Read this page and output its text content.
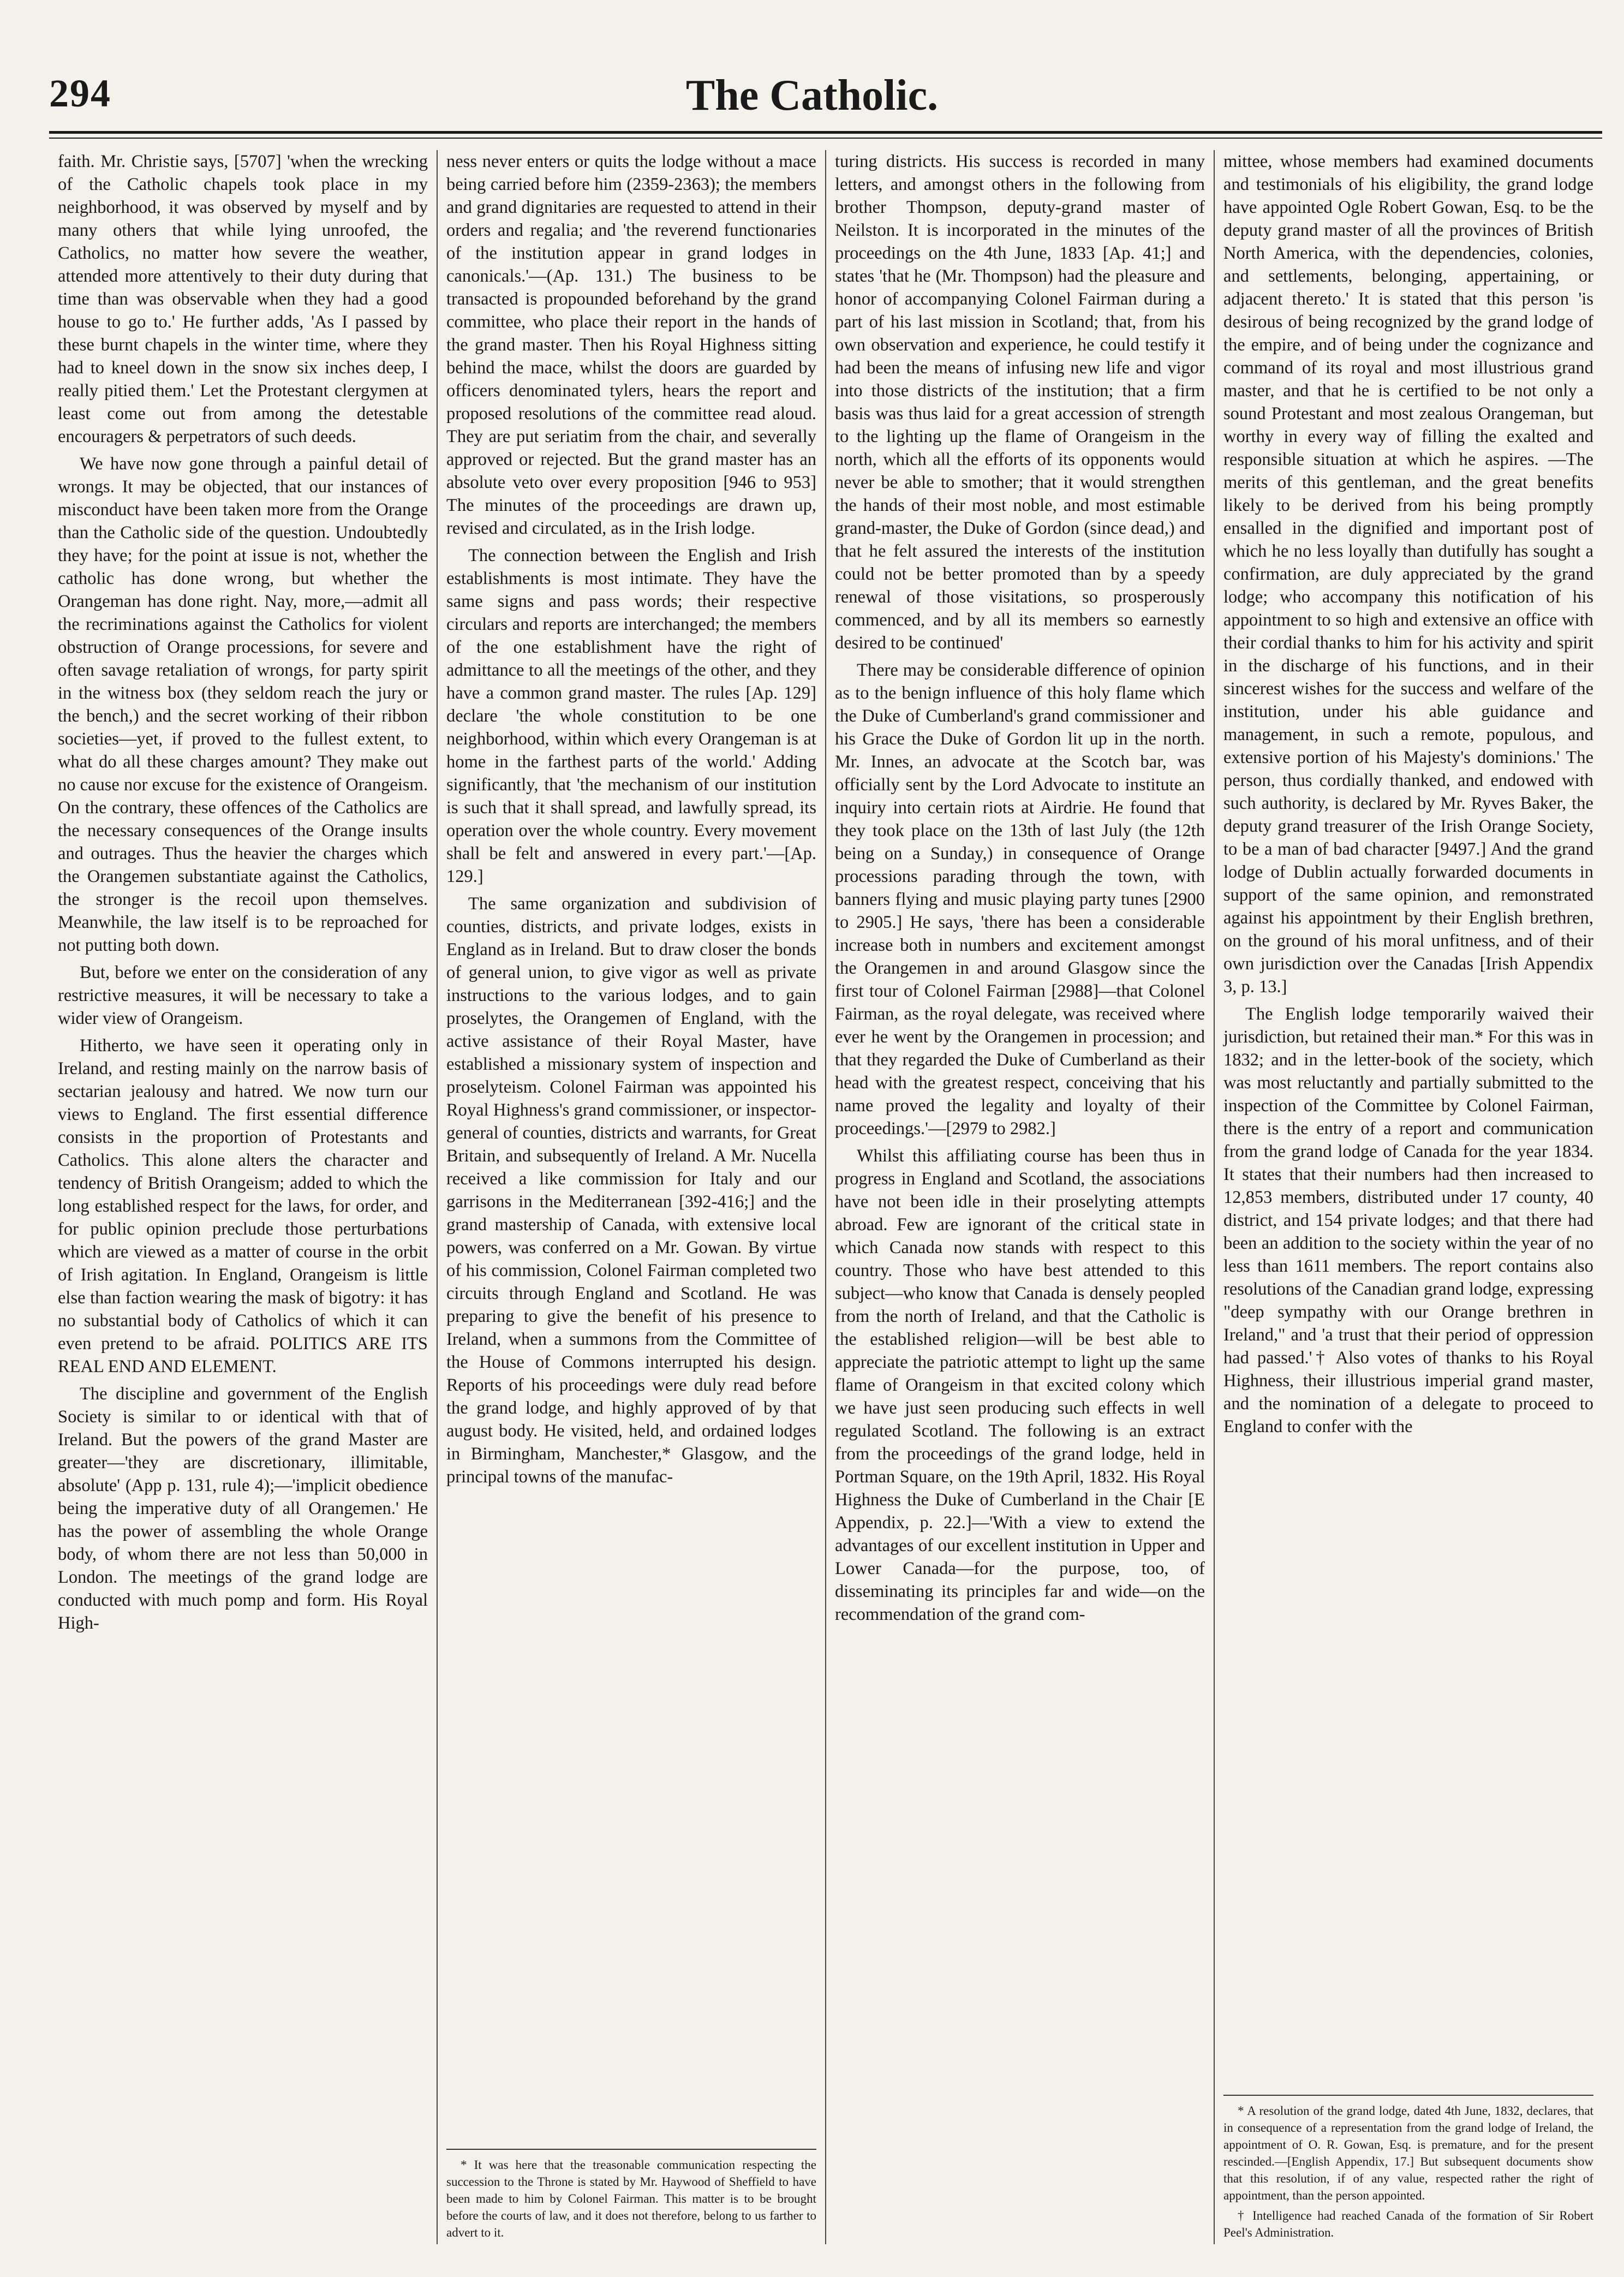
294	The Catholic.

faith. Mr. Christie says, [5707] 'when the wrecking of the Catholic chapels took place in my neighborhood, it was observed by myself and by many others that while lying unroofed, the Catholics, no matter how severe the weather, attended more attentively to their duty during that time than was observable when they had a good house to go to.' He further adds, 'As I passed by these burnt chapels in the winter time, where they had to kneel down in the snow six inches deep, I really pitied them.' Let the Protestant clergymen at least come out from among the detestable encouragers & perpetrators of such deeds.

We have now gone through a painful detail of wrongs. It may be objected, that our instances of misconduct have been taken more from the Orange than the Catholic side of the question. Undoubtedly they have; for the point at issue is not, whether the catholic has done wrong, but whether the Orangeman has done right. Nay, more,—admit all the recriminations against the Catholics for violent obstruction of Orange processions, for severe and often savage retaliation of wrongs, for party spirit in the witness box (they seldom reach the jury or the bench,) and the secret working of their ribbon societies—yet, if proved to the fullest extent, to what do all these charges amount? They make out no cause nor excuse for the existence of Orangeism. On the contrary, these offences of the Catholics are the necessary consequences of the Orange insults and outrages. Thus the heavier the charges which the Orangemen substantiate against the Catholics, the stronger is the recoil upon themselves. Meanwhile, the law itself is to be reproached for not putting both down.

But, before we enter on the consideration of any restrictive measures, it will be necessary to take a wider view of Orangeism.

Hitherto, we have seen it operating only in Ireland, and resting mainly on the narrow basis of sectarian jealousy and hatred. We now turn our views to England. The first essential difference consists in the proportion of Protestants and Catholics. This alone alters the character and tendency of British Orangeism; added to which the long established respect for the laws, for order, and for public opinion preclude those perturbations which are viewed as a matter of course in the orbit of Irish agitation. In England, Orangeism is little else than faction wearing the mask of bigotry: it has no substantial body of Catholics of which it can even pretend to be afraid. POLITICS ARE ITS REAL END AND ELEMENT.

The discipline and government of the English Society is similar to or identical with that of Ireland. But the powers of the grand Master are greater—'they are discretionary, illimitable, absolute' (App p. 131, rule 4);—'implicit obedience being the imperative duty of all Orangemen.' He has the power of assembling the whole Orange body, of whom there are not less than 50,000 in London. The meetings of the grand lodge are conducted with much pomp and form. His Royal High-

ness never enters or quits the lodge without a mace being carried before him (2359-2363); the members and grand dignitaries are requested to attend in their orders and regalia; and 'the reverend functionaries of the institution appear in grand lodges in canonicals.'—(Ap. 131.) The business to be transacted is propounded beforehand by the grand committee, who place their report in the hands of the grand master. Then his Royal Highness sitting behind the mace, whilst the doors are guarded by officers denominated tylers, hears the report and proposed resolutions of the committee read aloud. They are put seriatim from the chair, and severally approved or rejected. But the grand master has an absolute veto over every proposition [946 to 953] The minutes of the proceedings are drawn up, revised and circulated, as in the Irish lodge.

The connection between the English and Irish establishments is most intimate. They have the same signs and pass words; their respective circulars and reports are interchanged; the members of the one establishment have the right of admittance to all the meetings of the other, and they have a common grand master. The rules [Ap. 129] declare 'the whole constitution to be one neighborhood, within which every Orangeman is at home in the farthest parts of the world.' Adding significantly, that 'the mechanism of our institution is such that it shall spread, and lawfully spread, its operation over the whole country. Every movement shall be felt and answered in every part.'—[Ap. 129.]

The same organization and subdivision of counties, districts, and private lodges, exists in England as in Ireland. But to draw closer the bonds of general union, to give vigor as well as private instructions to the various lodges, and to gain proselytes, the Orangemen of England, with the active assistance of their Royal Master, have established a missionary system of inspection and proselyteism. Colonel Fairman was appointed his Royal Highness's grand commissioner, or inspector-general of counties, districts and warrants, for Great Britain, and subsequently of Ireland. A Mr. Nucella received a like commission for Italy and our garrisons in the Mediterranean [392-416;] and the grand mastership of Canada, with extensive local powers, was conferred on a Mr. Gowan. By virtue of his commission, Colonel Fairman completed two circuits through England and Scotland. He was preparing to give the benefit of his presence to Ireland, when a summons from the Committee of the House of Commons interrupted his design. Reports of his proceedings were duly read before the grand lodge, and highly approved of by that august body. He visited, held, and ordained lodges in Birmingham, Manchester,* Glasgow, and the principal towns of the manufac-

* It was here that the treasonable communication respecting the succession to the Throne is stated by Mr. Haywood of Sheffield to have been made to him by Colonel Fairman. This matter is to be brought before the courts of law, and it does not therefore, belong to us farther to advert to it.

turing districts. His success is recorded in many letters, and amongst others in the following from brother Thompson, deputy-grand master of Neilston. It is incorporated in the minutes of the proceedings on the 4th June, 1833 [Ap. 41;] and states 'that he (Mr. Thompson) had the pleasure and honor of accompanying Colonel Fairman during a part of his last mission in Scotland; that, from his own observation and experience, he could testify it had been the means of infusing new life and vigor into those districts of the institution; that a firm basis was thus laid for a great accession of strength to the lighting up the flame of Orangeism in the north, which all the efforts of its opponents would never be able to smother; that it would strengthen the hands of their most noble, and most estimable grand-master, the Duke of Gordon (since dead,) and that he felt assured the interests of the institution could not be better promoted than by a speedy renewal of those visitations, so prosperously commenced, and by all its members so earnestly desired to be continued'

There may be considerable difference of opinion as to the benign influence of this holy flame which the Duke of Cumberland's grand commissioner and his Grace the Duke of Gordon lit up in the north. Mr. Innes, an advocate at the Scotch bar, was officially sent by the Lord Advocate to institute an inquiry into certain riots at Airdrie. He found that they took place on the 13th of last July (the 12th being on a Sunday,) in consequence of Orange processions parading through the town, with banners flying and music playing party tunes [2900 to 2905.] He says, 'there has been a considerable increase both in numbers and excitement amongst the Orangemen in and around Glasgow since the first tour of Colonel Fairman [2988]—that Colonel Fairman, as the royal delegate, was received where ever he went by the Orangemen in procession; and that they regarded the Duke of Cumberland as their head with the greatest respect, conceiving that his name proved the legality and loyalty of their proceedings.'—[2979 to 2982.]

Whilst this affiliating course has been thus in progress in England and Scotland, the associations have not been idle in their proselyting attempts abroad. Few are ignorant of the critical state in which Canada now stands with respect to this country. Those who have best attended to this subject—who know that Canada is densely peopled from the north of Ireland, and that the Catholic is the established religion—will be best able to appreciate the patriotic attempt to light up the same flame of Orangeism in that excited colony which we have just seen producing such effects in well regulated Scotland. The following is an extract from the proceedings of the grand lodge, held in Portman Square, on the 19th April, 1832. His Royal Highness the Duke of Cumberland in the Chair [E Appendix, p. 22.]—'With a view to extend the advantages of our excellent institution in Upper and Lower Canada—for the purpose, too, of disseminating its principles far and wide—on the recommendation of the grand com-

mittee, whose members had examined documents and testimonials of his eligibility, the grand lodge have appointed Ogle Robert Gowan, Esq. to be the deputy grand master of all the provinces of British North America, with the dependencies, colonies, and settlements, belonging, appertaining, or adjacent thereto.' It is stated that this person 'is desirous of being recognized by the grand lodge of the empire, and of being under the cognizance and command of its royal and most illustrious grand master, and that he is certified to be not only a sound Protestant and most zealous Orangeman, but worthy in every way of filling the exalted and responsible situation at which he aspires. —The merits of this gentleman, and the great benefits likely to be derived from his being promptly ensalled in the dignified and important post of which he no less loyally than dutifully has sought a confirmation, are duly appreciated by the grand lodge; who accompany this notification of his appointment to so high and extensive an office with their cordial thanks to him for his activity and spirit in the discharge of his functions, and in their sincerest wishes for the success and welfare of the institution, under his able guidance and management, in such a remote, populous, and extensive portion of his Majesty's dominions.' The person, thus cordially thanked, and endowed with such authority, is declared by Mr. Ryves Baker, the deputy grand treasurer of the Irish Orange Society, to be a man of bad character [9497.] And the grand lodge of Dublin actually forwarded documents in support of the same opinion, and remonstrated against his appointment by their English brethren, on the ground of his moral unfitness, and of their own jurisdiction over the Canadas [Irish Appendix 3, p. 13.]

The English lodge temporarily waived their jurisdiction, but retained their man.* For this was in 1832; and in the letter-book of the society, which was most reluctantly and partially submitted to the inspection of the Committee by Colonel Fairman, there is the entry of a report and communication from the grand lodge of Canada for the year 1834. It states that their numbers had then increased to 12,853 members, distributed under 17 county, 40 district, and 154 private lodges; and that there had been an addition to the society within the year of no less than 1611 members. The report contains also resolutions of the Canadian grand lodge, expressing "deep sympathy with our Orange brethren in Ireland," and 'a trust that their period of oppression had passed.'† Also votes of thanks to his Royal Highness, their illustrious imperial grand master, and the nomination of a delegate to proceed to England to confer with the

* A resolution of the grand lodge, dated 4th June, 1832, declares, that in consequence of a representation from the grand lodge of Ireland, the appointment of O. R. Gowan, Esq. is premature, and for the present rescinded.—[English Appendix, 17.] But subsequent documents show that this resolution, if of any value, respected rather the right of appointment, than the person appointed.

† Intelligence had reached Canada of the formation of Sir Robert Peel's Administration.
